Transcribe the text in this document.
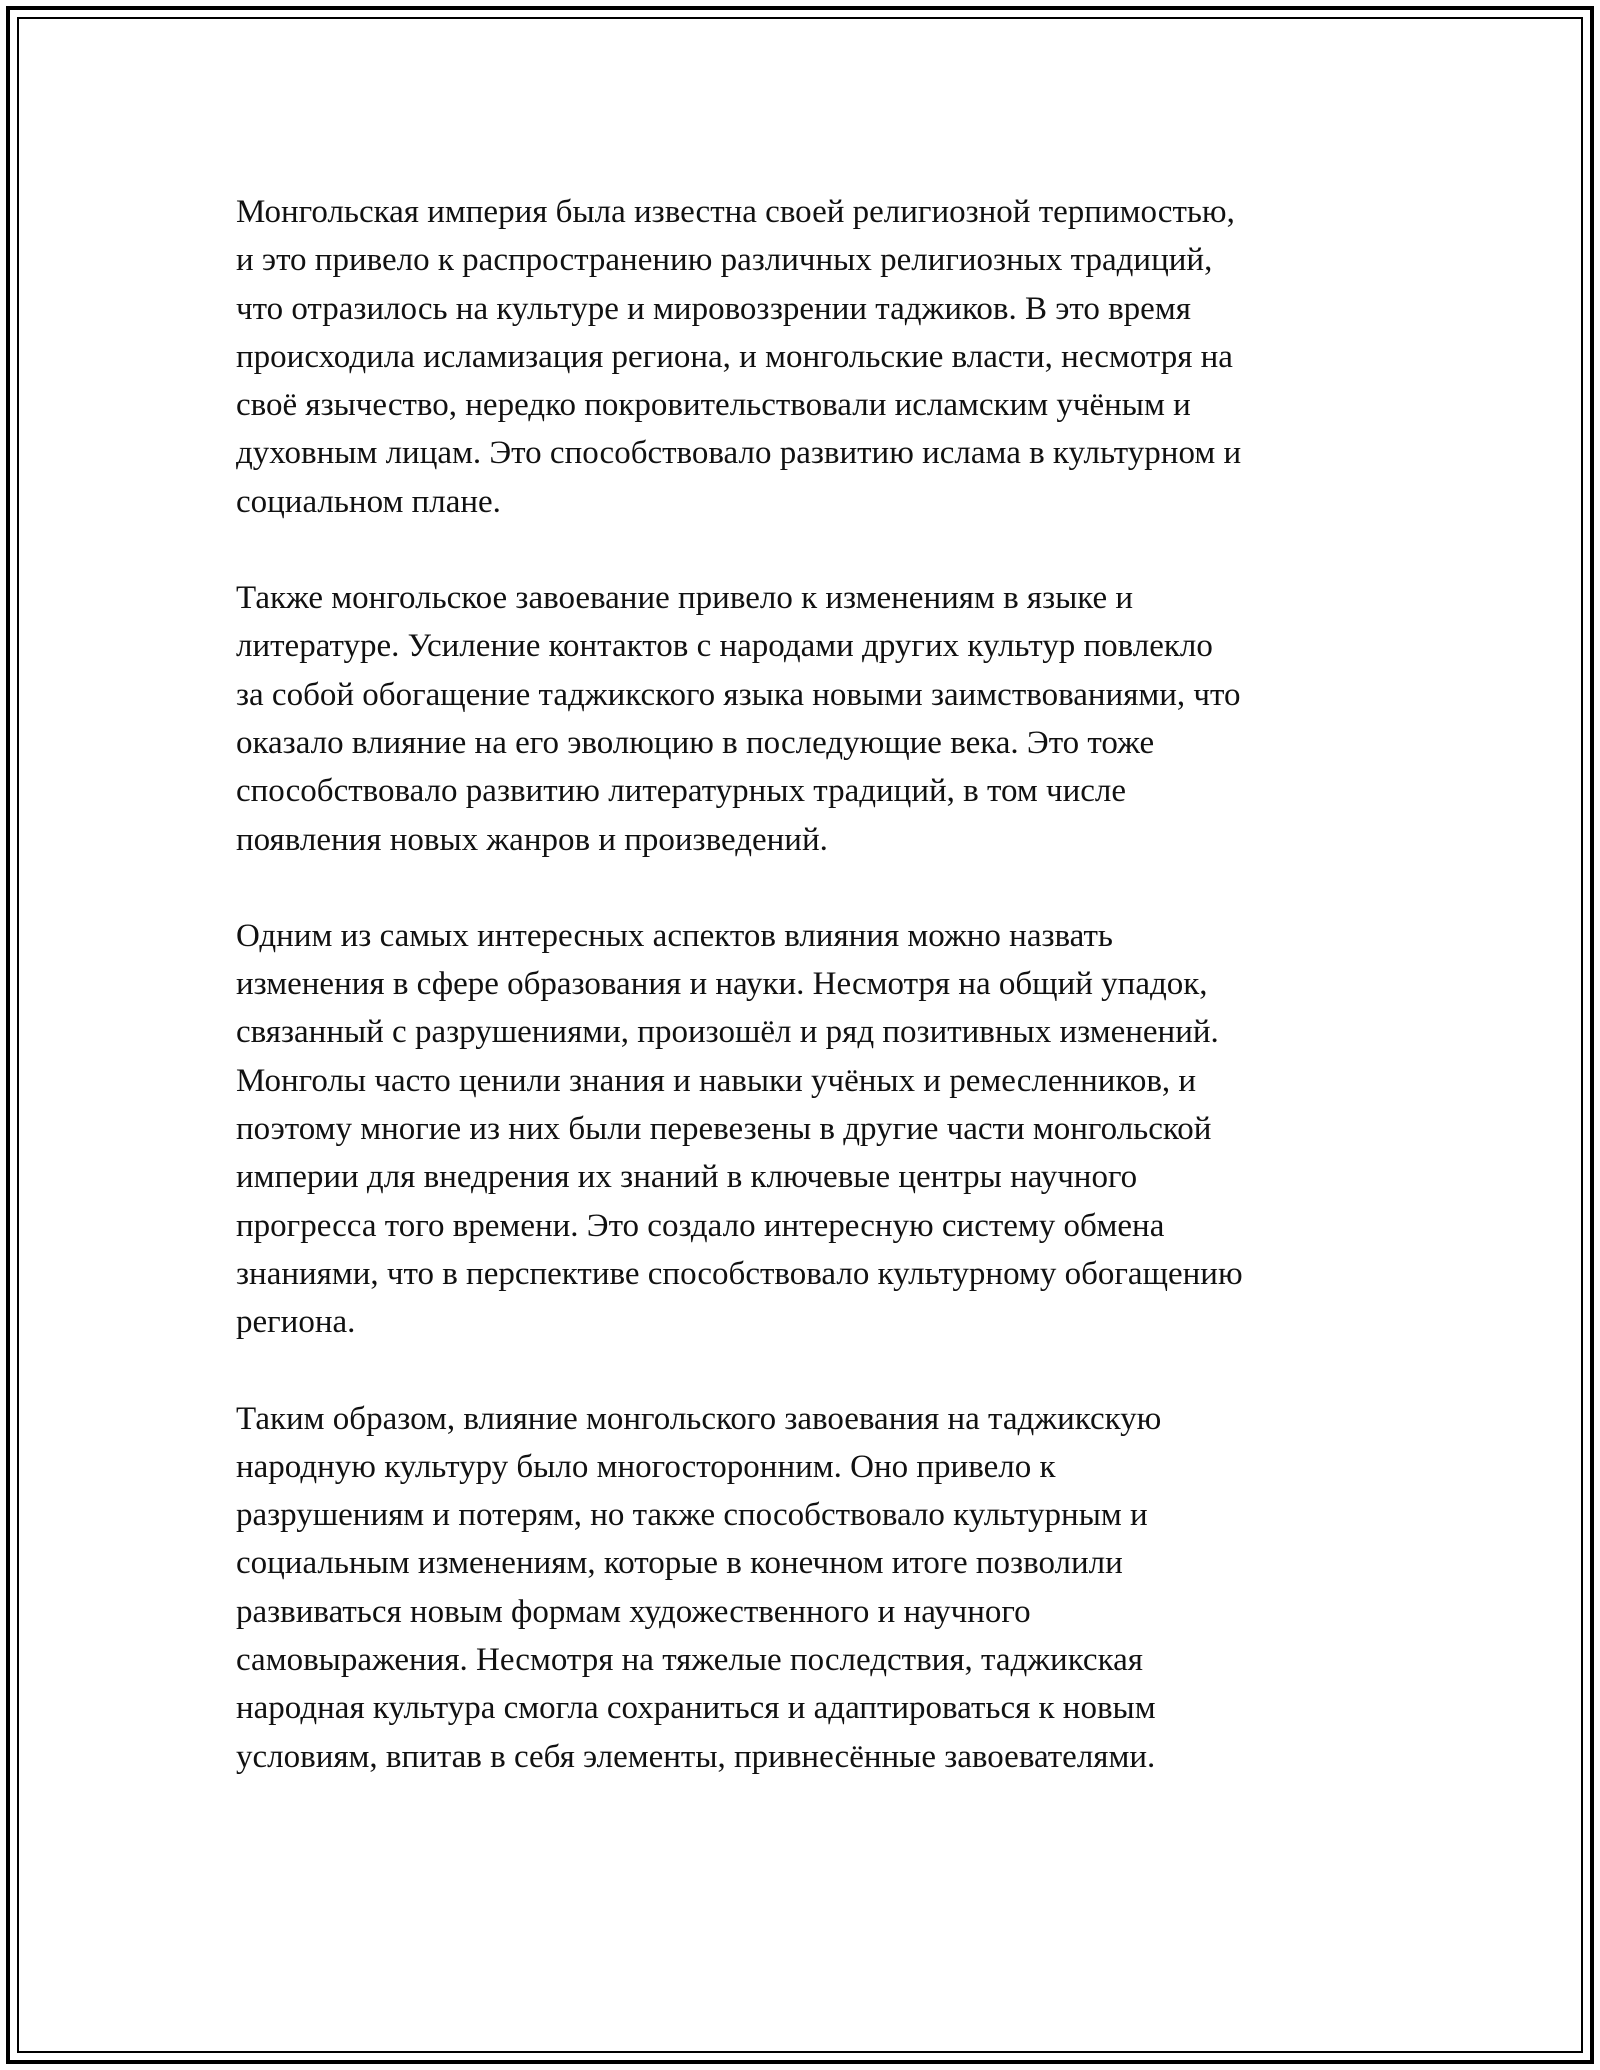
Монгольская империя была известна своей религиозной терпимостью,
и это привело к распространению различных религиозных традиций,
что отразилось на культуре и мировоззрении таджиков. В это время
происходила исламизация региона, и монгольские власти, несмотря на
своё язычество, нередко покровительствовали исламским учёным и
духовным лицам. Это способствовало развитию ислама в культурном и
социальном плане.

Также монгольское завоевание привело к изменениям в языке и
литературе. Усиление контактов с народами других культур повлекло
за собой обогащение таджикского языка новыми заимствованиями, что
оказало влияние на его эволюцию в последующие века. Это тоже
способствовало развитию литературных традиций, в том числе
появления новых жанров и произведений.

Одним из самых интересных аспектов влияния можно назвать
изменения в сфере образования и науки. Несмотря на общий упадок,
связанный с разрушениями, произошёл и ряд позитивных изменений.
Монголы часто ценили знания и навыки учёных и ремесленников, и
поэтому многие из них были перевезены в другие части монгольской
империи для внедрения их знаний в ключевые центры научного
прогресса того времени. Это создало интересную систему обмена
знаниями, что в перспективе способствовало культурному обогащению
региона.

Таким образом, влияние монгольского завоевания на таджикскую
народную культуру было многосторонним. Оно привело к
разрушениям и потерям, но также способствовало культурным и
социальным изменениям, которые в конечном итоге позволили
развиваться новым формам художественного и научного
самовыражения. Несмотря на тяжелые последствия, таджикская
народная культура смогла сохраниться и адаптироваться к новым
условиям, впитав в себя элементы, привнесённые завоевателями.
